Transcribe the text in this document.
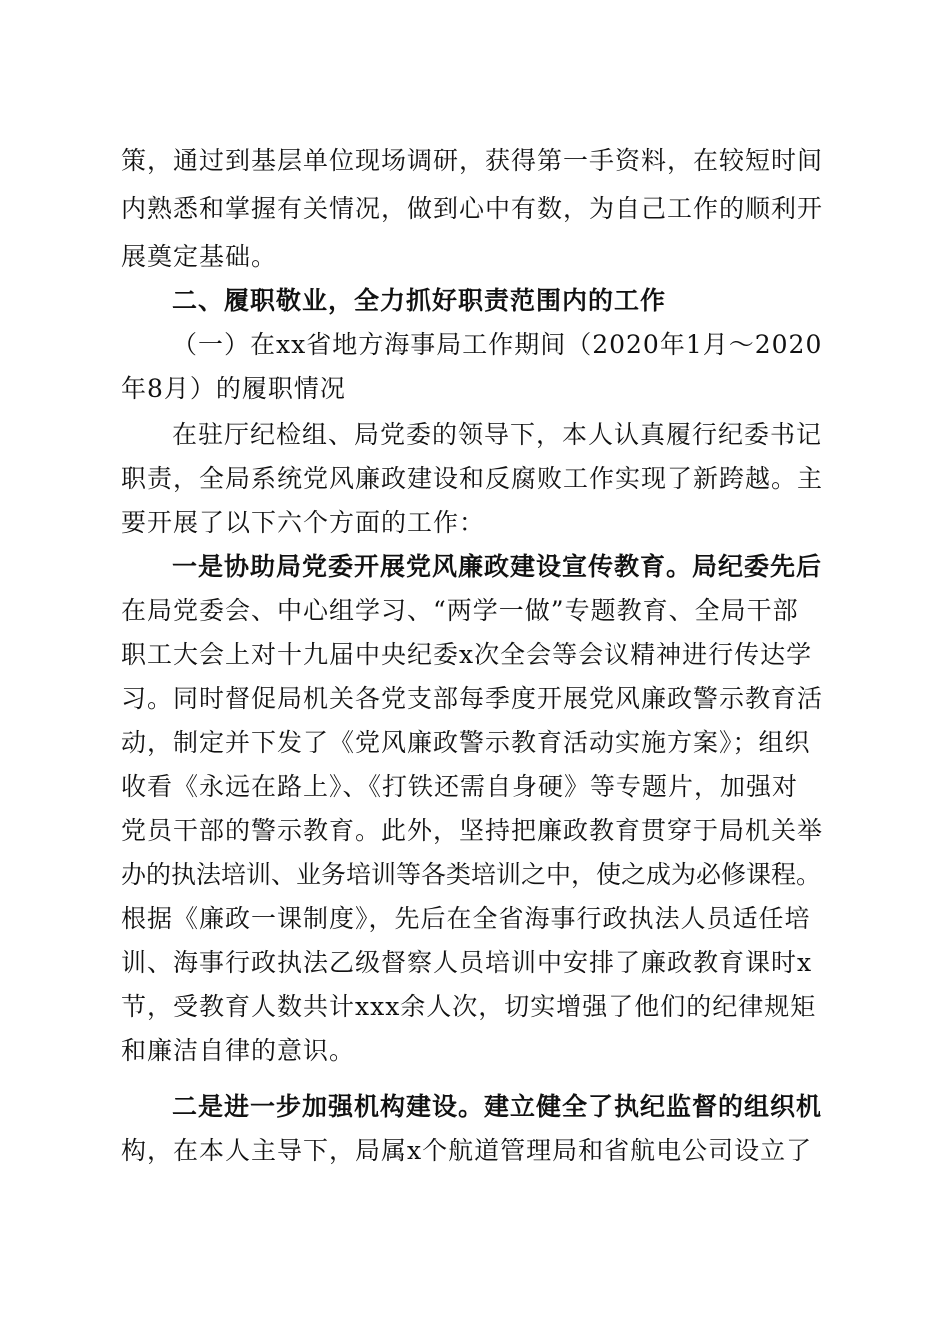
策，通过到基层单位现场调研，获得第一手资料，在较短时间
内熟悉和掌握有关情况，做到心中有数，为自己工作的顺利开
展奠定基础。
二、履职敬业，全力抓好职责范围内的工作
（一）在xx省地方海事局工作期间（2020年1月～2020
年8月）的履职情况
在驻厅纪检组、局党委的领导下，本人认真履行纪委书记
职责，全局系统党风廉政建设和反腐败工作实现了新跨越。主
要开展了以下六个方面的工作：
一是协助局党委开展党风廉政建设宣传教育。局纪委先后
在局党委会、中心组学习、“两学一做”专题教育、全局干部
职工大会上对十九届中央纪委x次全会等会议精神进行传达学
习。同时督促局机关各党支部每季度开展党风廉政警示教育活
动，制定并下发了《党风廉政警示教育活动实施方案》；组织
收看《永远在路上》、《打铁还需自身硬》等专题片，加强对
党员干部的警示教育。此外，坚持把廉政教育贯穿于局机关举
办的执法培训、业务培训等各类培训之中，使之成为必修课程。
根据《廉政一课制度》，先后在全省海事行政执法人员适任培
训、海事行政执法乙级督察人员培训中安排了廉政教育课时x
节，受教育人数共计xxx余人次，切实增强了他们的纪律规矩
和廉洁自律的意识。
二是进一步加强机构建设。建立健全了执纪监督的组织机
构，在本人主导下，局属x个航道管理局和省航电公司设立了
